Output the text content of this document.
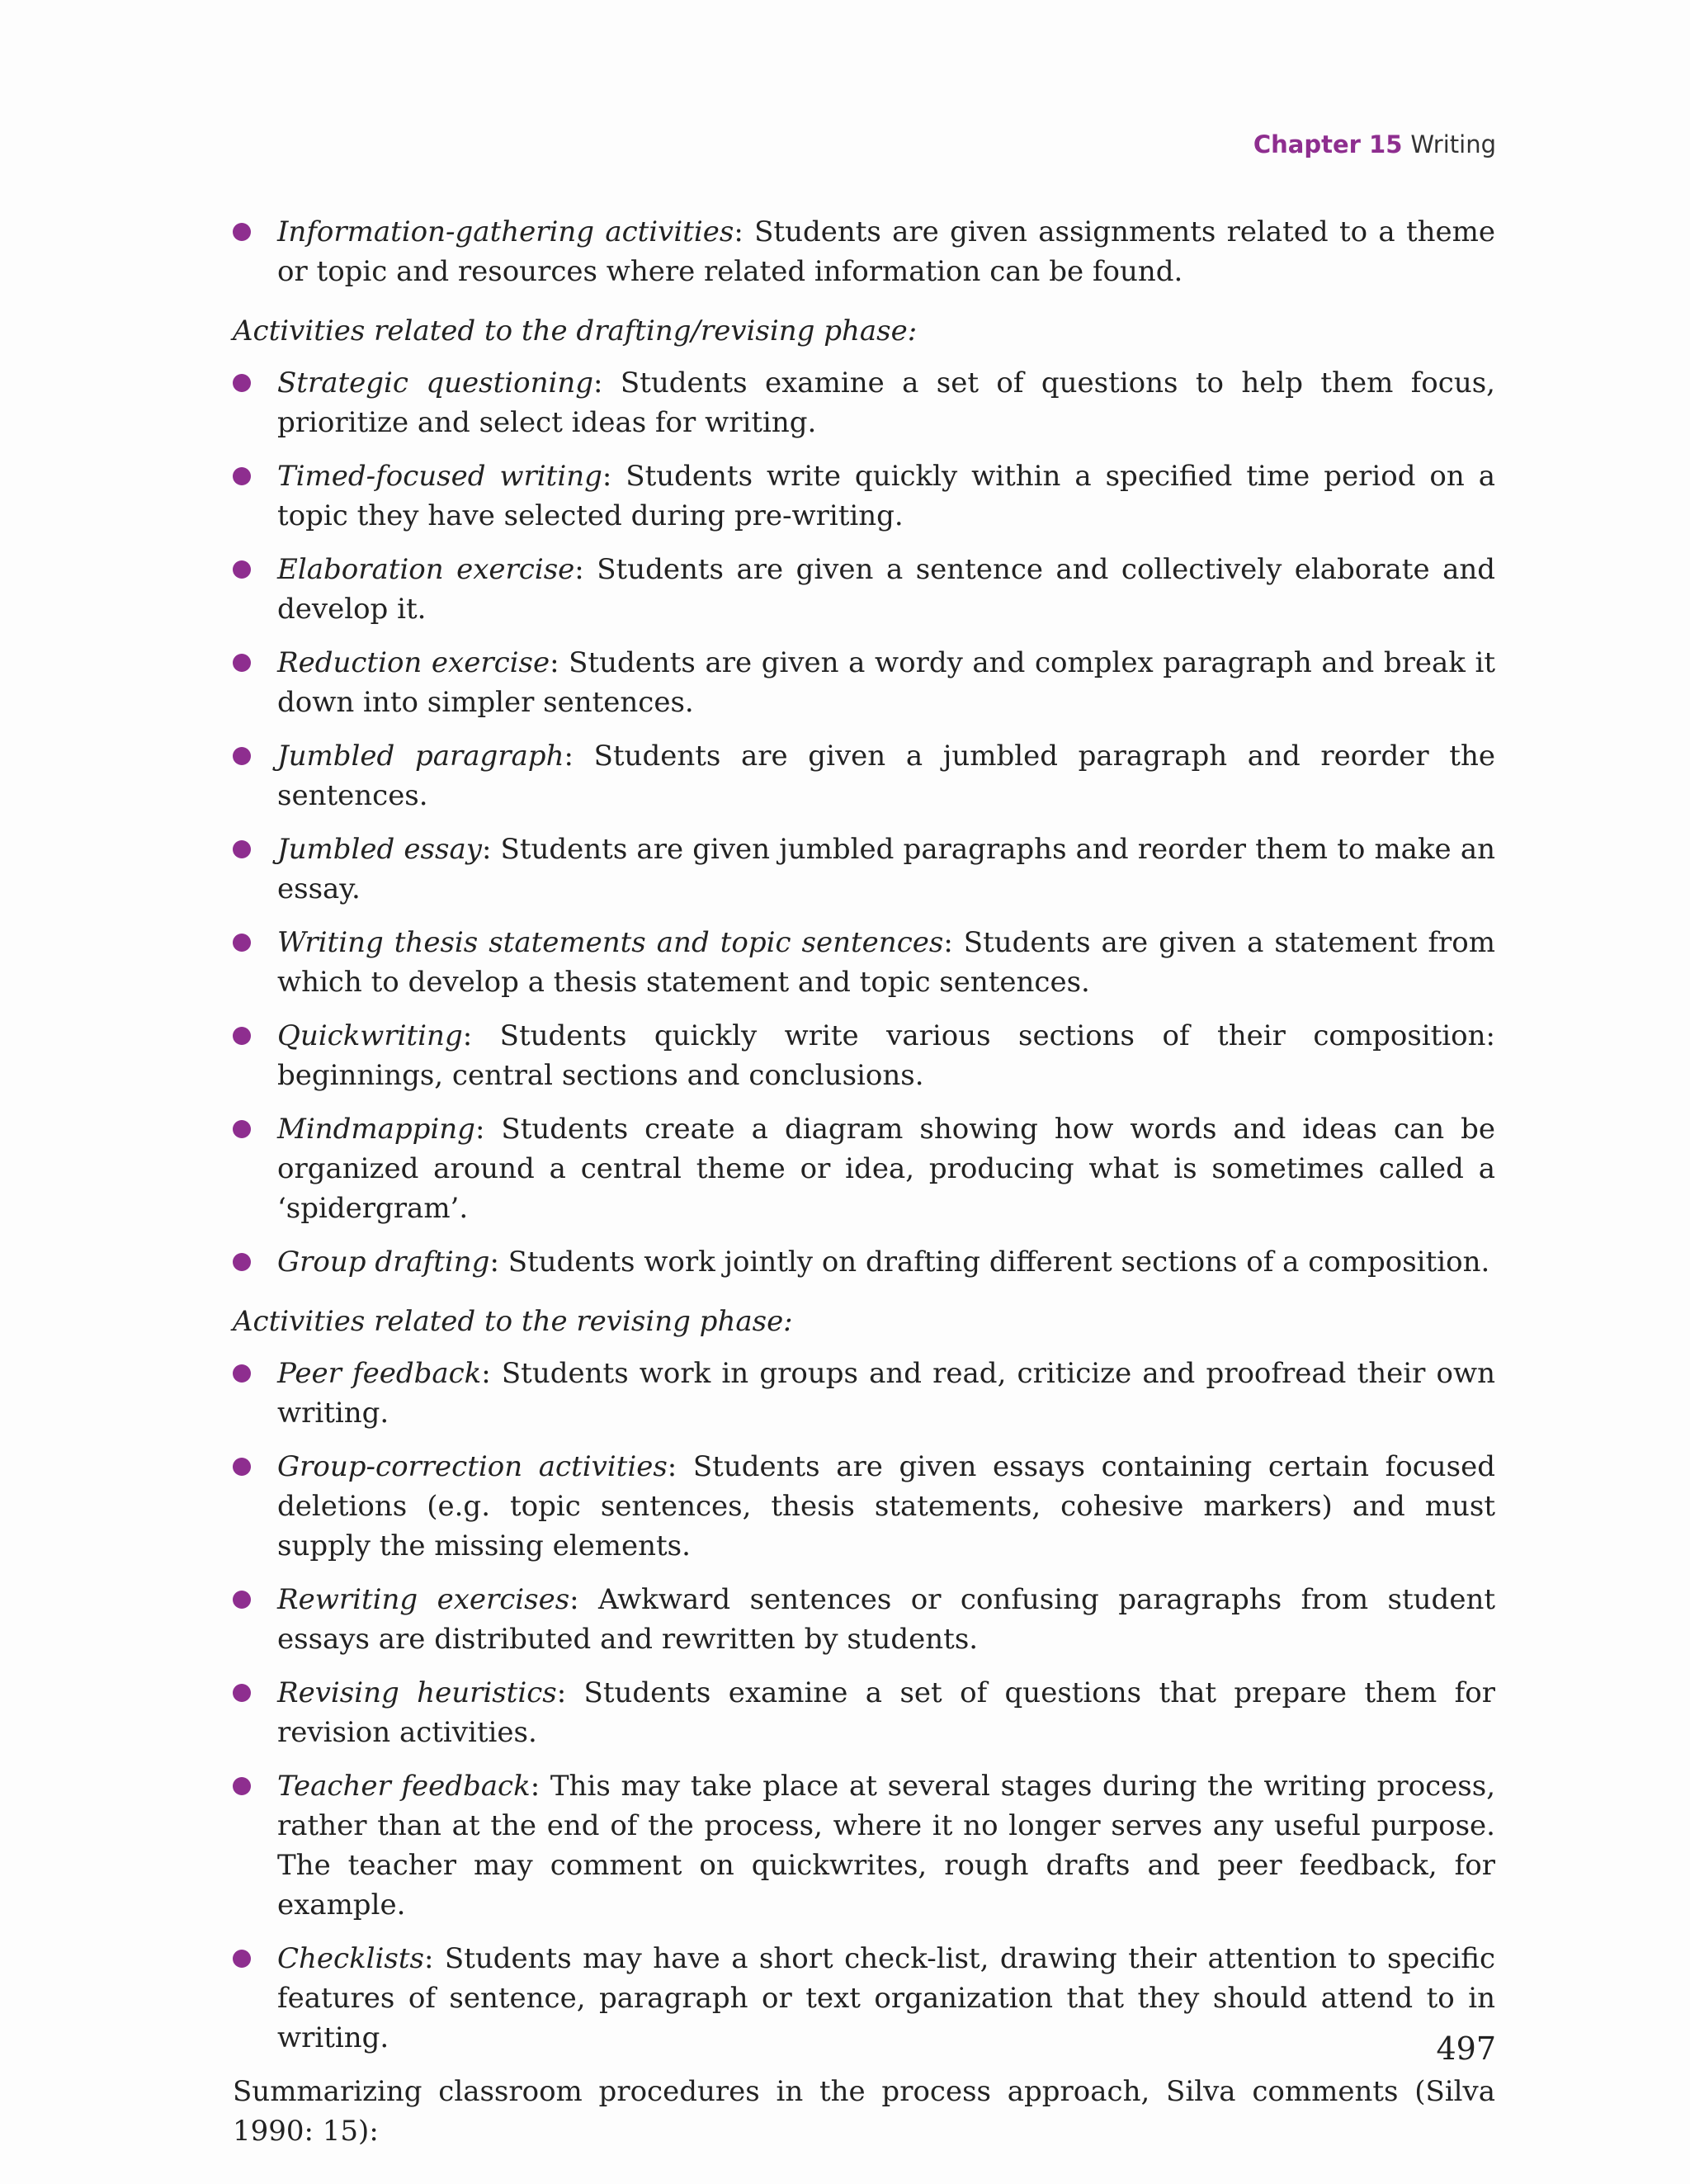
Chapter 15 Writing
Information-gathering activities: Students are given assignments related to a theme or topic and resources where related information can be found.
Activities related to the drafting/revising phase:
Strategic questioning: Students examine a set of questions to help them focus, prioritize and select ideas for writing.
Timed-focused writing: Students write quickly within a specified time period on a topic they have selected during pre-writing.
Elaboration exercise: Students are given a sentence and collectively elaborate and develop it.
Reduction exercise: Students are given a wordy and complex paragraph and break it down into simpler sentences.
Jumbled paragraph: Students are given a jumbled paragraph and reorder the sentences.
Jumbled essay: Students are given jumbled paragraphs and reorder them to make an essay.
Writing thesis statements and topic sentences: Students are given a statement from which to develop a thesis statement and topic sentences.
Quickwriting: Students quickly write various sections of their composition: beginnings, central sections and conclusions.
Mindmapping: Students create a diagram showing how words and ideas can be organized around a central theme or idea, producing what is sometimes called a ‘spidergram’.
Group drafting: Students work jointly on drafting different sections of a composition.
Activities related to the revising phase:
Peer feedback: Students work in groups and read, criticize and proofread their own writing.
Group-correction activities: Students are given essays containing certain focused deletions (e.g. topic sentences, thesis statements, cohesive markers) and must supply the missing elements.
Rewriting exercises: Awkward sentences or confusing paragraphs from student essays are distributed and rewritten by students.
Revising heuristics: Students examine a set of questions that prepare them for revision activities.
Teacher feedback: This may take place at several stages during the writing process, rather than at the end of the process, where it no longer serves any useful purpose. The teacher may comment on quickwrites, rough drafts and peer feedback, for example.
Checklists: Students may have a short check-list, drawing their attention to specific features of sentence, paragraph or text organization that they should attend to in writing.

Summarizing classroom procedures in the process approach, Silva comments (Silva 1990: 15):

497
